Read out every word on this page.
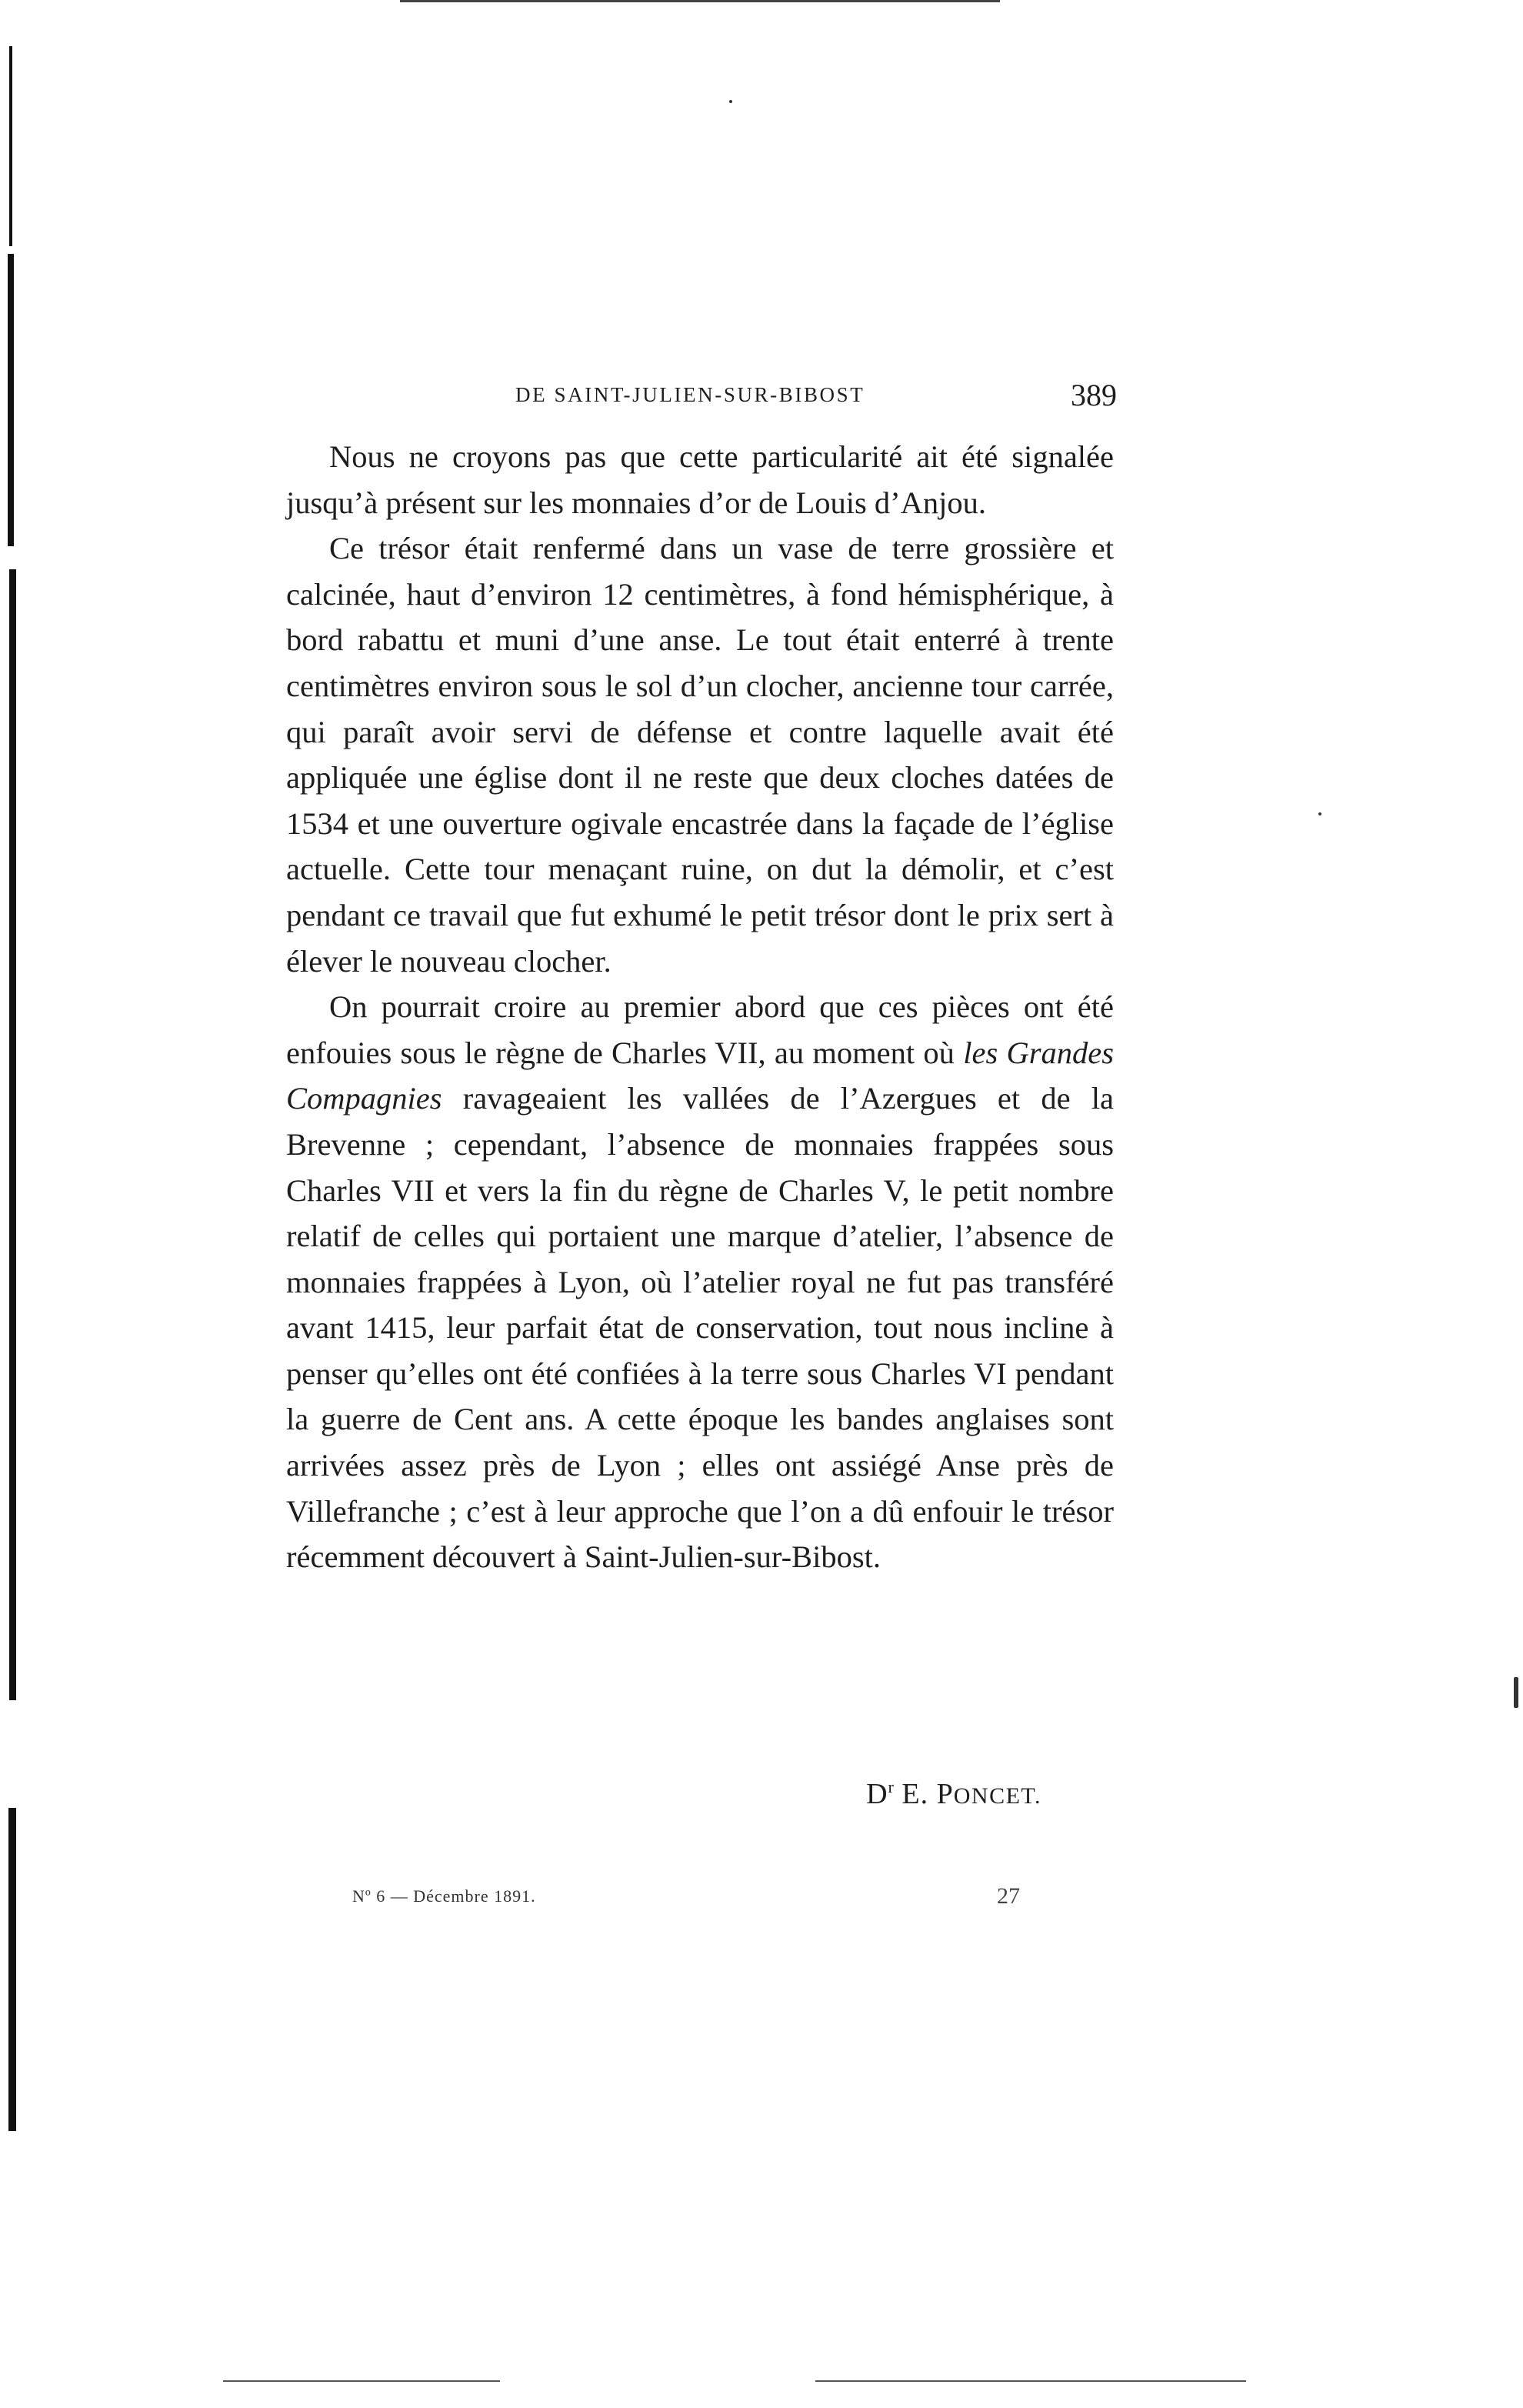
DE SAINT-JULIEN-SUR-BIBOST	389

Nous ne croyons pas que cette particularité ait été signalée jusqu’à présent sur les monnaies d’or de Louis d’Anjou.

Ce trésor était renfermé dans un vase de terre grossière et calcinée, haut d’environ 12 centimètres, à fond hémisphérique, à bord rabattu et muni d’une anse. Le tout était enterré à trente centimètres environ sous le sol d’un clocher, ancienne tour carrée, qui paraît avoir servi de défense et contre laquelle avait été appliquée une église dont il ne reste que deux cloches datées de 1534 et une ouverture ogivale encastrée dans la façade de l’église actuelle. Cette tour menaçant ruine, on dut la démolir, et c’est pendant ce travail que fut exhumé le petit trésor dont le prix sert à élever le nouveau clocher.

On pourrait croire au premier abord que ces pièces ont été enfouies sous le règne de Charles VII, au moment où les Grandes Compagnies ravageaient les vallées de l’Azergues et de la Brevenne ; cependant, l’absence de monnaies frappées sous Charles VII et vers la fin du règne de Charles V, le petit nombre relatif de celles qui portaient une marque d’atelier, l’absence de monnaies frappées à Lyon, où l’atelier royal ne fut pas transféré avant 1415, leur parfait état de conservation, tout nous incline à penser qu’elles ont été confiées à la terre sous Charles VI pendant la guerre de Cent ans. A cette époque les bandes anglaises sont arrivées assez près de Lyon ; elles ont assiégé Anse près de Villefranche ; c’est à leur approche que l’on a dû enfouir le trésor récemment découvert à Saint-Julien-sur-Bibost.

$D^r$ E. PONCET.
Nº 6 — Décembre 1891.	27
